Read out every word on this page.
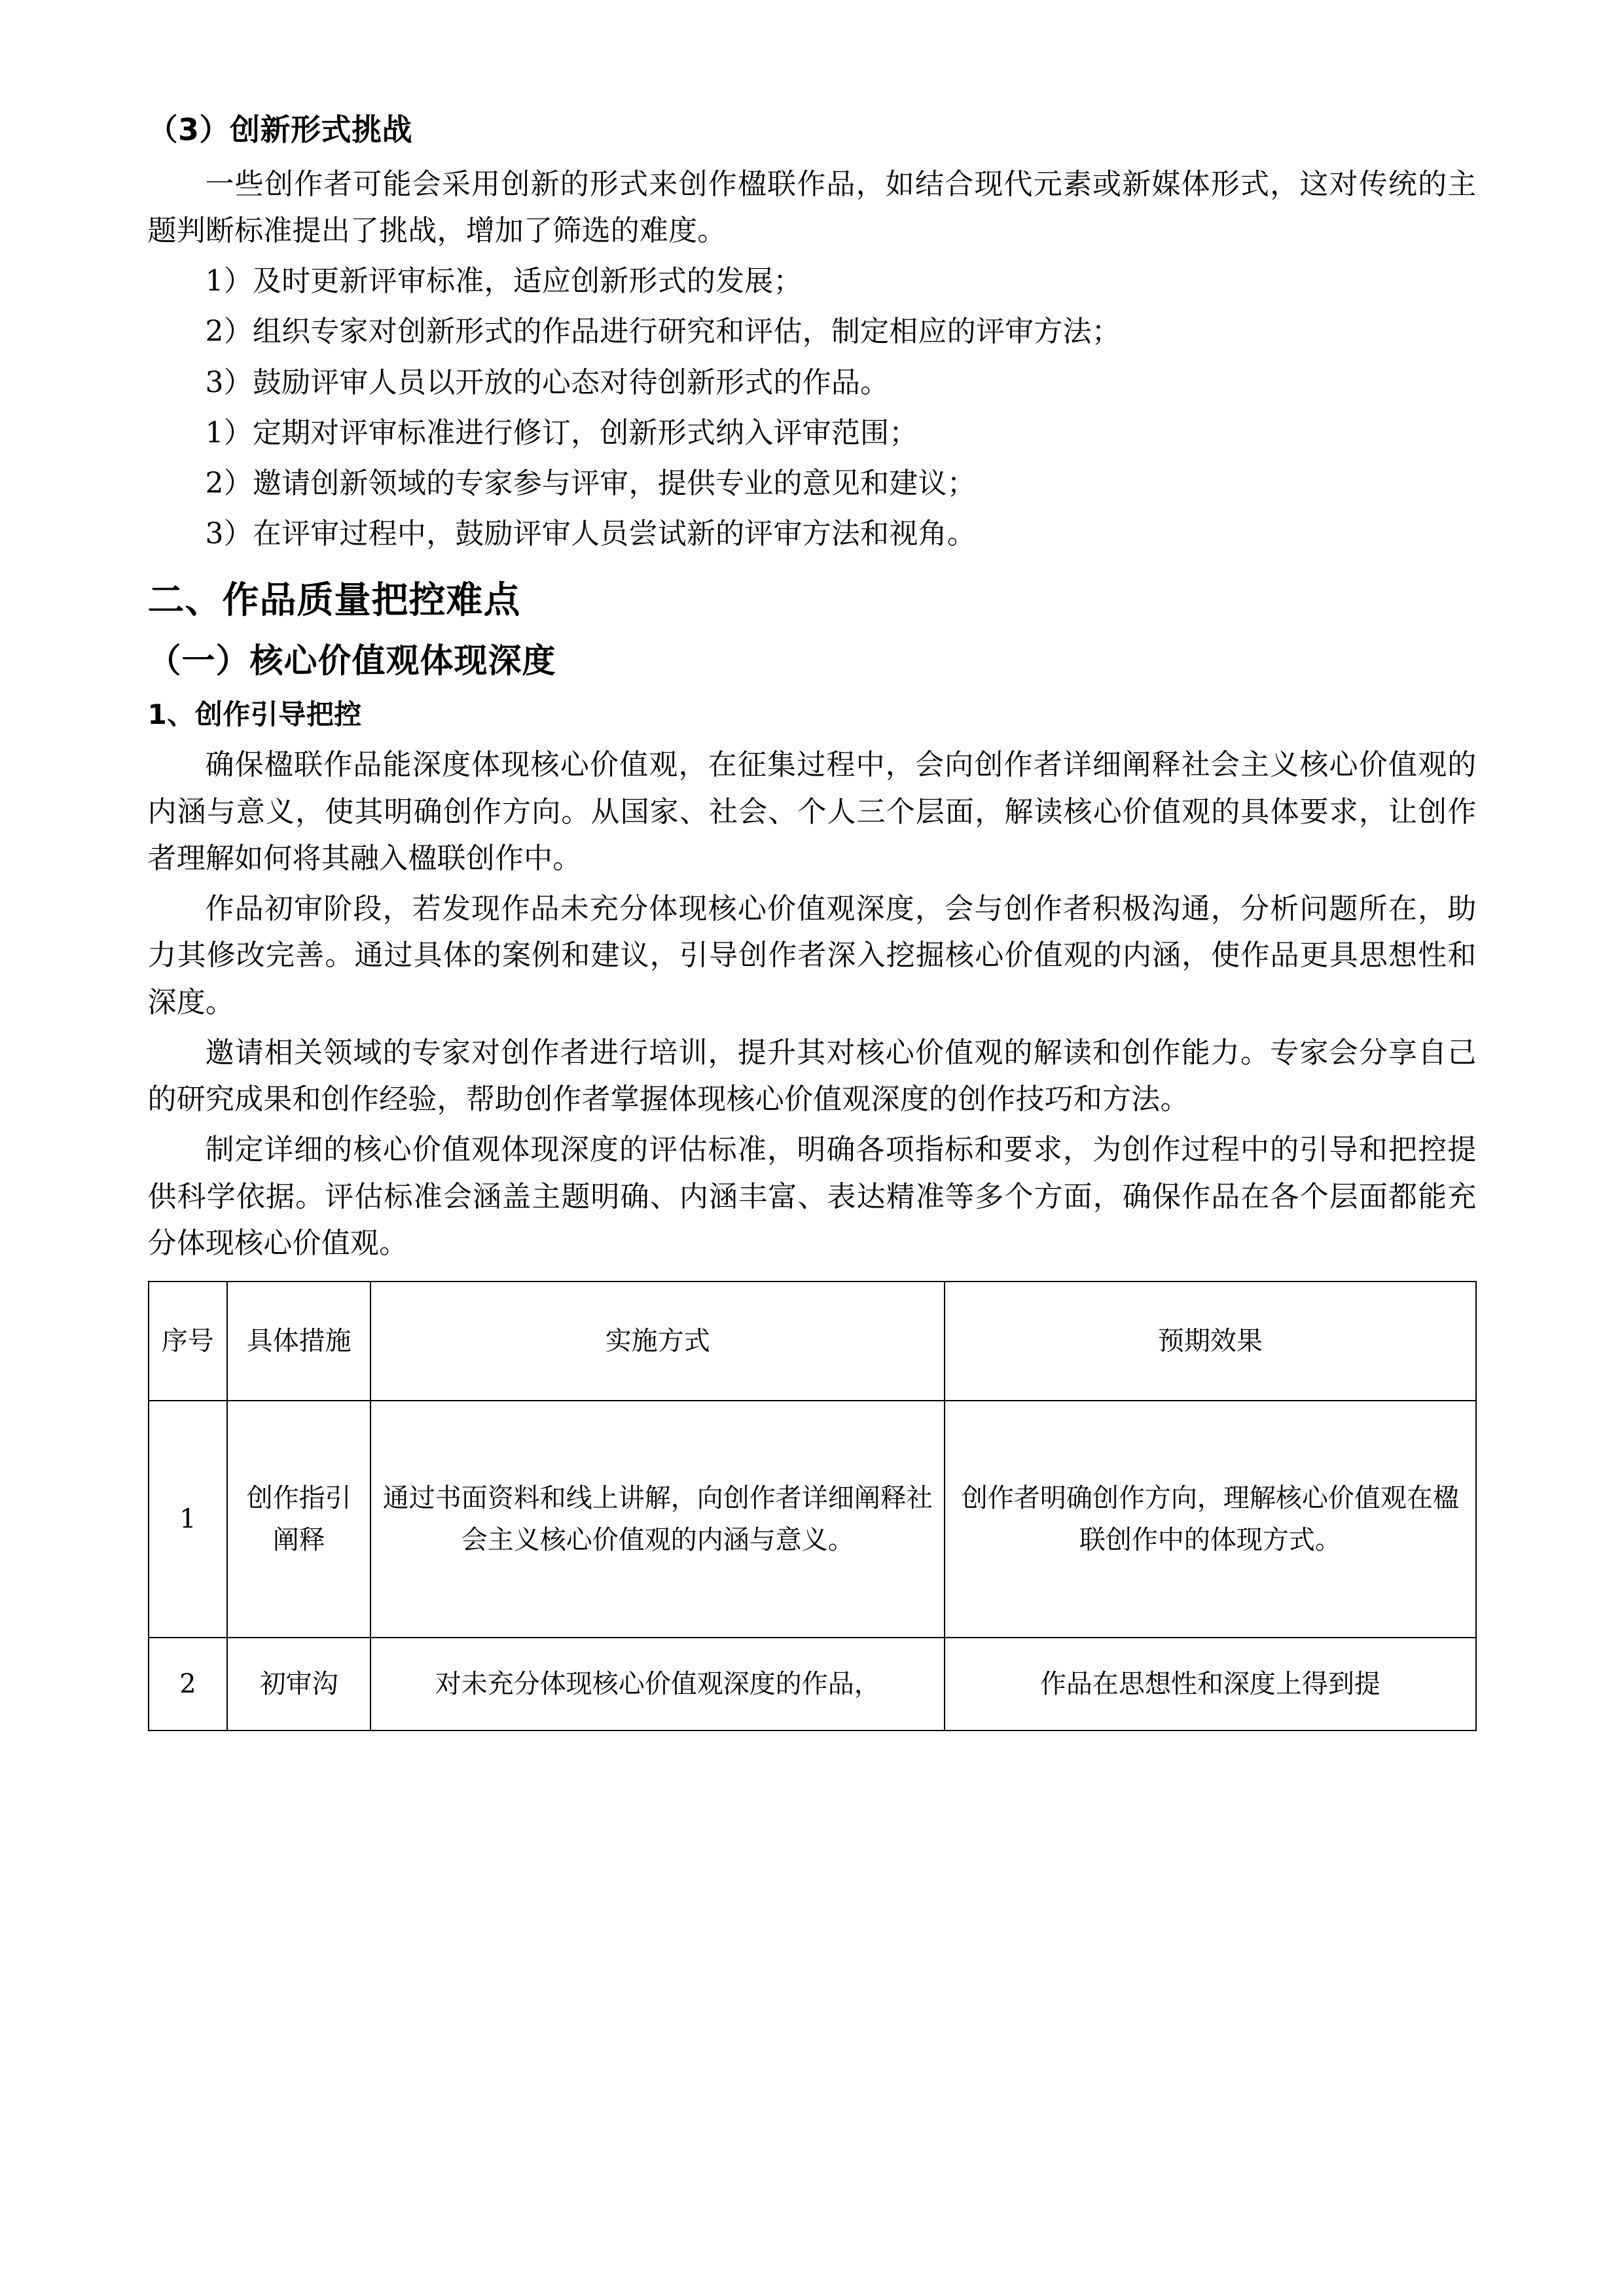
（3）创新形式挑战

一些创作者可能会采用创新的形式来创作楹联作品，如结合现代元素或新媒体形式，这对传统的主题判断标准提出了挑战，增加了筛选的难度。

1）及时更新评审标准，适应创新形式的发展；

2）组织专家对创新形式的作品进行研究和评估，制定相应的评审方法；

3）鼓励评审人员以开放的心态对待创新形式的作品。

1）定期对评审标准进行修订，创新形式纳入评审范围；

2）邀请创新领域的专家参与评审，提供专业的意见和建议；

3）在评审过程中，鼓励评审人员尝试新的评审方法和视角。

二、作品质量把控难点
（一）核心价值观体现深度
1、创作引导把控

确保楹联作品能深度体现核心价值观，在征集过程中，会向创作者详细阐释社会主义核心价值观的内涵与意义，使其明确创作方向。从国家、社会、个人三个层面，解读核心价值观的具体要求，让创作者理解如何将其融入楹联创作中。

作品初审阶段，若发现作品未充分体现核心价值观深度，会与创作者积极沟通，分析问题所在，助力其修改完善。通过具体的案例和建议，引导创作者深入挖掘核心价值观的内涵，使作品更具思想性和深度。

邀请相关领域的专家对创作者进行培训，提升其对核心价值观的解读和创作能力。专家会分享自己的研究成果和创作经验，帮助创作者掌握体现核心价值观深度的创作技巧和方法。

制定详细的核心价值观体现深度的评估标准，明确各项指标和要求，为创作过程中的引导和把控提供科学依据。评估标准会涵盖主题明确、内涵丰富、表达精准等多个方面，确保作品在各个层面都能充分体现核心价值观。

序号	具体措施	实施方式	预期效果
1	创作指引阐释	通过书面资料和线上讲解，向创作者详细阐释社会主义核心价值观的内涵与意义。	创作者明确创作方向，理解核心价值观在楹联创作中的体现方式。
2	初审沟	对未充分体现核心价值观深度的作品，	作品在思想性和深度上得到提
